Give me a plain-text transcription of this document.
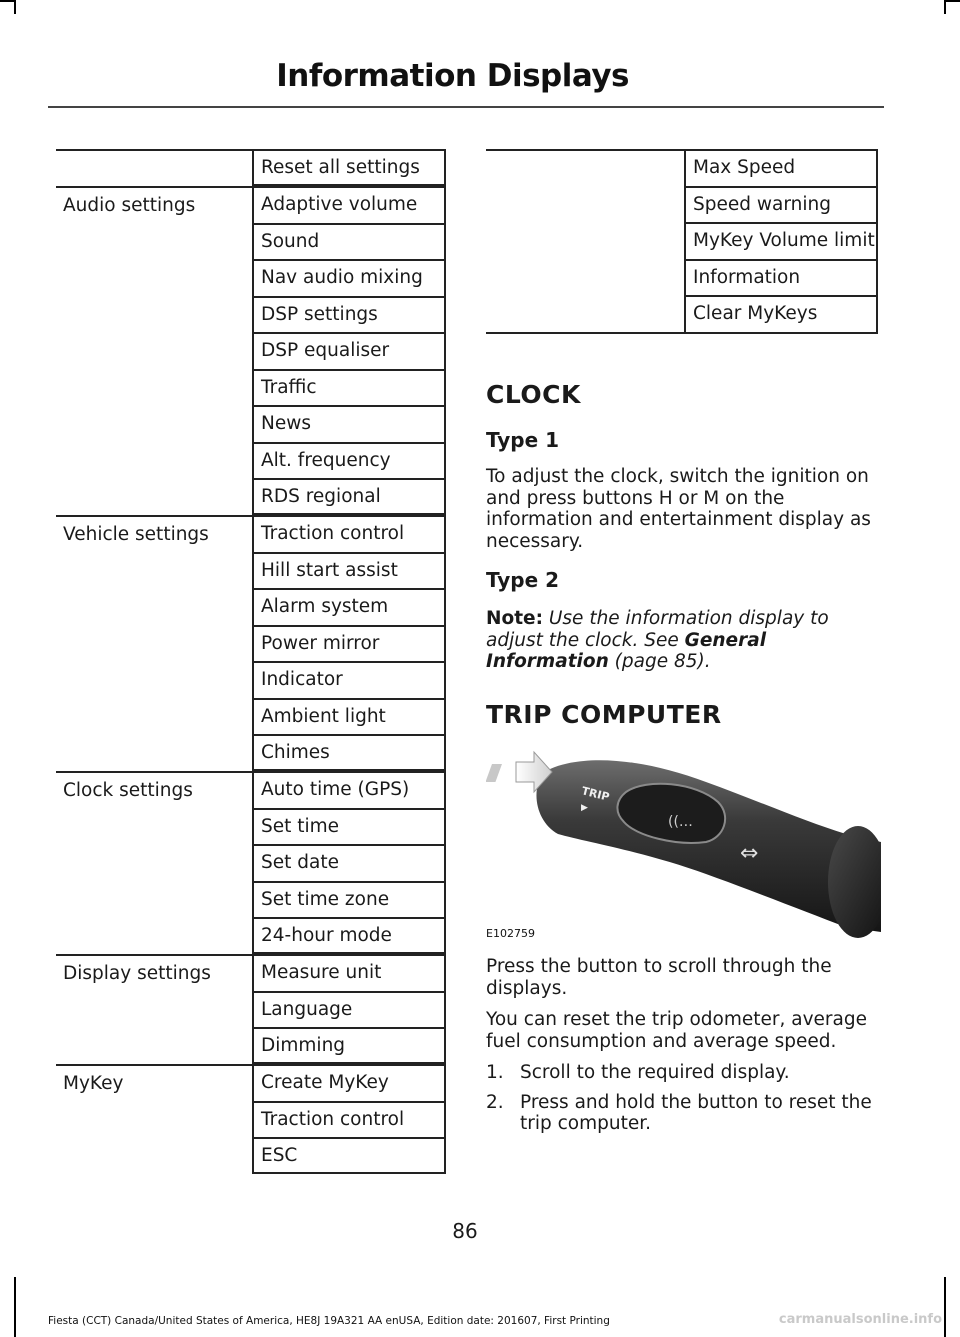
Information Displays
Reset all settings
Audio settings	Adaptive volume
Sound
Nav audio mixing
DSP settings
DSP equaliser
Traffic
News
Alt. frequency
RDS regional
Vehicle settings	Traction control
Hill start assist
Alarm system
Power mirror
Indicator
Ambient light
Chimes
Clock settings	Auto time (GPS)
Set time
Set date
Set time zone
24-hour mode
Display settings	Measure unit
Language
Dimming
MyKey	Create MyKey
Traction control
ESC
Max Speed
Speed warning
MyKey Volume limit
Information
Clear MyKeys
CLOCK
Type 1
To adjust the clock, switch the ignition on and press buttons H or M on the information and entertainment display as necessary.
Type 2
Note: Use the information display to adjust the clock. See General Information (page 85).
TRIP COMPUTER
((…
⇔
TRIP
▶
E102759
Press the button to scroll through the displays.
You can reset the trip odometer, average fuel consumption and average speed.
1. Scroll to the required display.
2. Press and hold the button to reset the trip computer.
86
Fiesta (CCT) Canada/United States of America, HE8J 19A321 AA enUSA, Edition date: 201607, First Printing	carmanualsonline.info
